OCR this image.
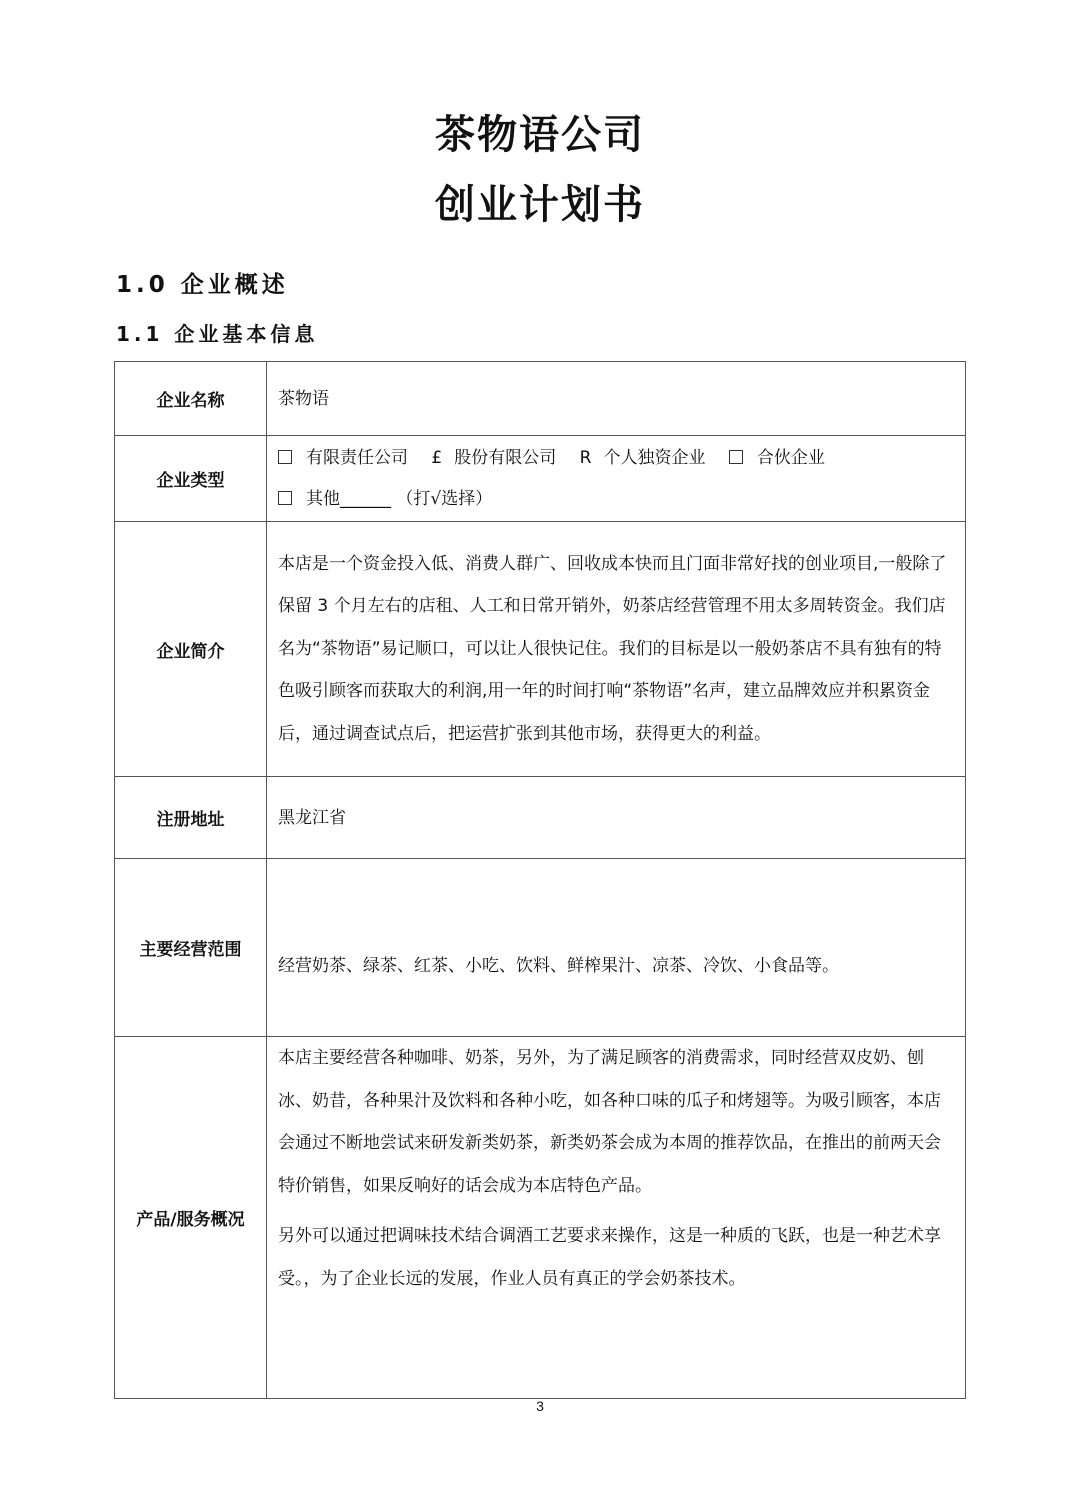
茶物语公司
创业计划书
1.0 企业概述
1.1 企业基本信息
企业名称	茶物语
企业类型	有限责任公司 £ 股份有限公司 R 个人独资企业 合伙企业
其他______ （打√选择）

企业简介	本店是一个资金投入低、消费人群广、回收成本快而且门面非常好找的创业项目,一般除了保留 3 个月左右的店租、人工和日常开销外，奶茶店经营管理不用太多周转资金。我们店名为“茶物语”易记顺口，可以让人很快记住。我们的目标是以一般奶茶店不具有独有的特色吸引顾客而获取大的利润,用一年的时间打响“茶物语”名声，建立品牌效应并积累资金后，通过调查试点后，把运营扩张到其他市场，获得更大的利益。
注册地址	黑龙江省
主要经营范围	经营奶茶、绿茶、红茶、小吃、饮料、鲜榨果汁、凉茶、冷饮、小食品等。
产品/服务概况	本店主要经营各种咖啡、奶茶，另外，为了满足顾客的消费需求，同时经营双皮奶、刨冰、奶昔，各种果汁及饮料和各种小吃，如各种口味的瓜子和烤翅等。为吸引顾客，本店会通过不断地尝试来研发新类奶茶，新类奶茶会成为本周的推荐饮品，在推出的前两天会特价销售，如果反响好的话会成为本店特色产品。
另外可以通过把调味技术结合调酒工艺要求来操作，这是一种质的飞跃，也是一种艺术享受。，为了企业长远的发展，作业人员有真正的学会奶茶技术。
3
